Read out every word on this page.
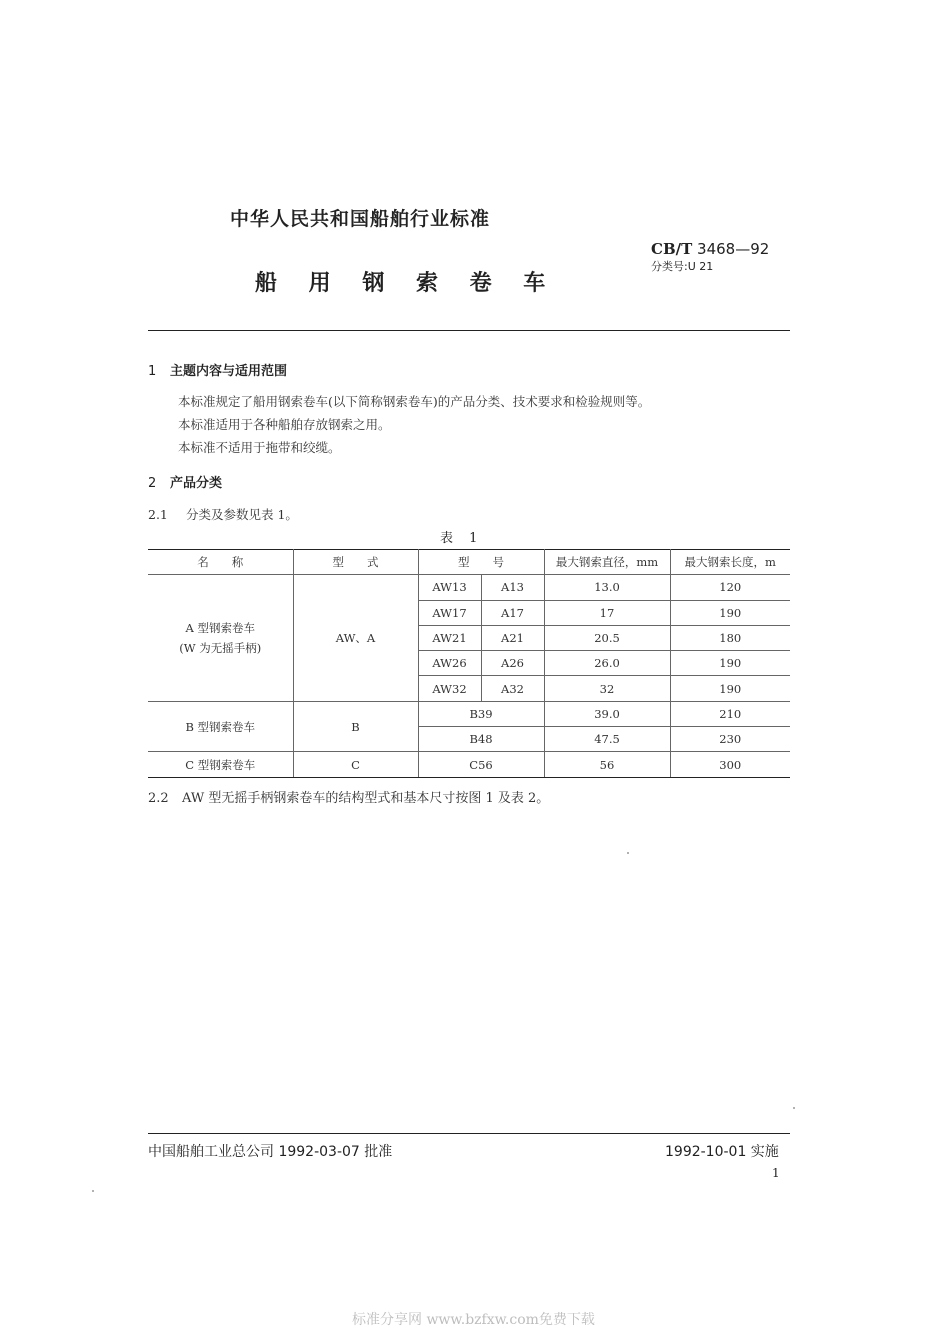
中华人民共和国船舶行业标准
CB/T 3468—92
分类号:U 21
船 用 钢 索 卷 车
1 主题内容与适用范围
本标准规定了船用钢索卷车(以下简称钢索卷车)的产品分类、技术要求和检验规则等。
本标准适用于各种船舶存放钢索之用。
本标准不适用于拖带和绞缆。
2 产品分类
2.1 分类及参数见表 1。
表 1
名　　称	型　　式	型　　号		最大钢索直径，mm	最大钢索长度，m

A 型钢索卷车
(W 为无摇手柄)	AW、A	AW13	A13	13.0	120
		AW17	A17	17	190
		AW21	A21	20.5	180
		AW26	A26	26.0	190
		AW32	A32	32	190
B 型钢索卷车	B	B39		39.0	210
		B48		47.5	230
C 型钢索卷车	C	C56		56	300
2.2 AW 型无摇手柄钢索卷车的结构型式和基本尺寸按图 1 及表 2。
中国船舶工业总公司 1992-03-07 批准	1992-10-01 实施
1
标准分享网 www.bzfxw.com免费下载
